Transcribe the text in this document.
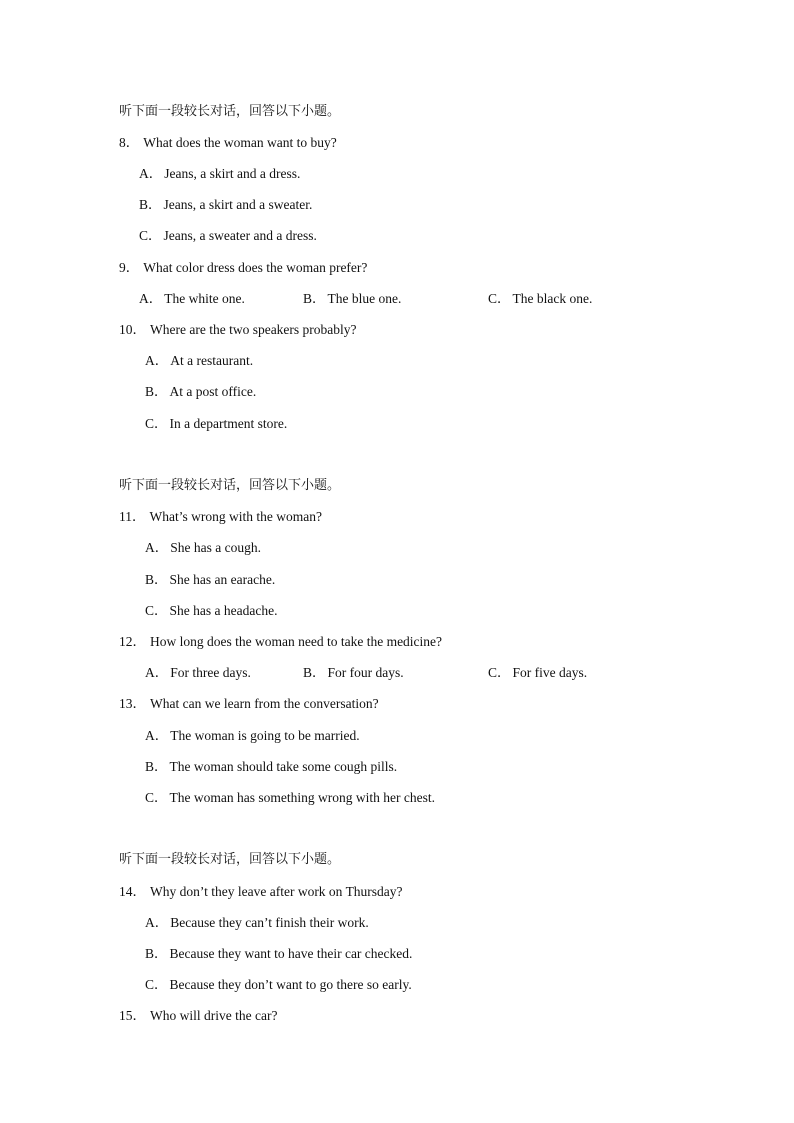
听下面一段较长对话，回答以下小题。
8． What does the woman want to buy?
A． Jeans, a skirt and a dress.
B． Jeans, a skirt and a sweater.
C． Jeans, a sweater and a dress.
9． What color dress does the woman prefer?
A． The white one.	B． The blue one.	C． The black one.
10． Where are the two speakers probably?
A． At a restaurant.
B． At a post office.
C． In a department store.
听下面一段较长对话，回答以下小题。
11． What’s wrong with the woman?
A． She has a cough.
B． She has an earache.
C． She has a headache.
12． How long does the woman need to take the medicine?
A． For three days.	B． For four days.	C． For five days.
13． What can we learn from the conversation?
A． The woman is going to be married.
B． The woman should take some cough pills.
C． The woman has something wrong with her chest.
听下面一段较长对话，回答以下小题。
14． Why don’t they leave after work on Thursday?
A． Because they can’t finish their work.
B． Because they want to have their car checked.
C． Because they don’t want to go there so early.
15． Who will drive the car?
